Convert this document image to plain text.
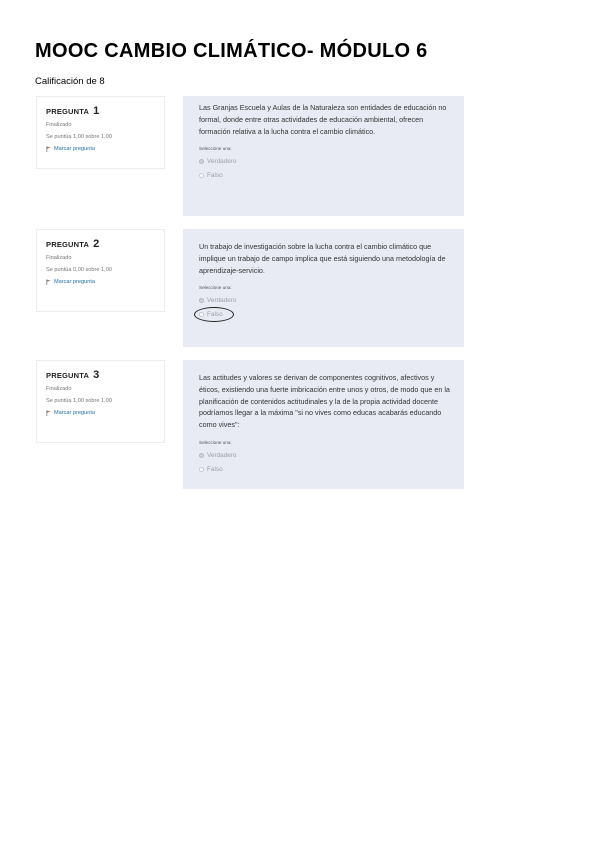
MOOC CAMBIO CLIMÁTICO- MÓDULO 6
Calificación de 8
PREGUNTA 1
Finalizado
Se puntúa 1,00 sobre 1,00
Marcar pregunta

Las Granjas Escuela y Aulas de la Naturaleza son entidades de educación no formal, donde entre otras actividades de educación ambiental, ofrecen formación relativa a la lucha contra el cambio climático.

Seleccione una:
Verdadero
Falso
PREGUNTA 2
Finalizado
Se puntúa 0,00 sobre 1,00
Marcar pregunta

Un trabajo de investigación sobre la lucha contra el cambio climático que implique un trabajo de campo implica que está siguiendo una metodología de aprendizaje-servicio.

Seleccione una:
Verdadero
Falso
PREGUNTA 3
Finalizado
Se puntúa 1,00 sobre 1,00
Marcar pregunta

Las actitudes y valores se derivan de componentes cognitivos, afectivos y éticos, existiendo una fuerte imbricación entre unos y otros, de modo que en la planificación de contenidos actitudinales y la de la propia actividad docente podríamos llegar a la máxima "si no vives como educas acabarás educando como vives":

Seleccione una:
Verdadero
Falso
